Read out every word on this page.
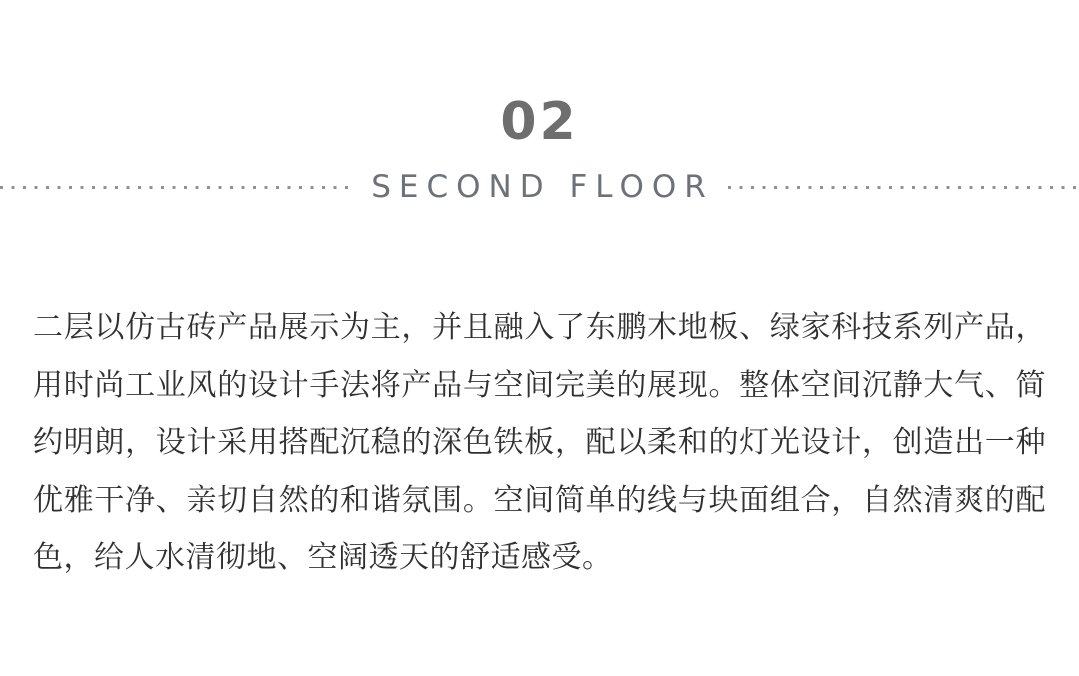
02
SECOND FLOOR

二层以仿古砖产品展示为主，并且融入了东鹏木地板、绿家科技系列产品，用时尚工业风的设计手法将产品与空间完美的展现。整体空间沉静大气、简约明朗，设计采用搭配沉稳的深色铁板，配以柔和的灯光设计，创造出一种优雅干净、亲切自然的和谐氛围。空间简单的线与块面组合，自然清爽的配色，给人水清彻地、空阔透天的舒适感受。
